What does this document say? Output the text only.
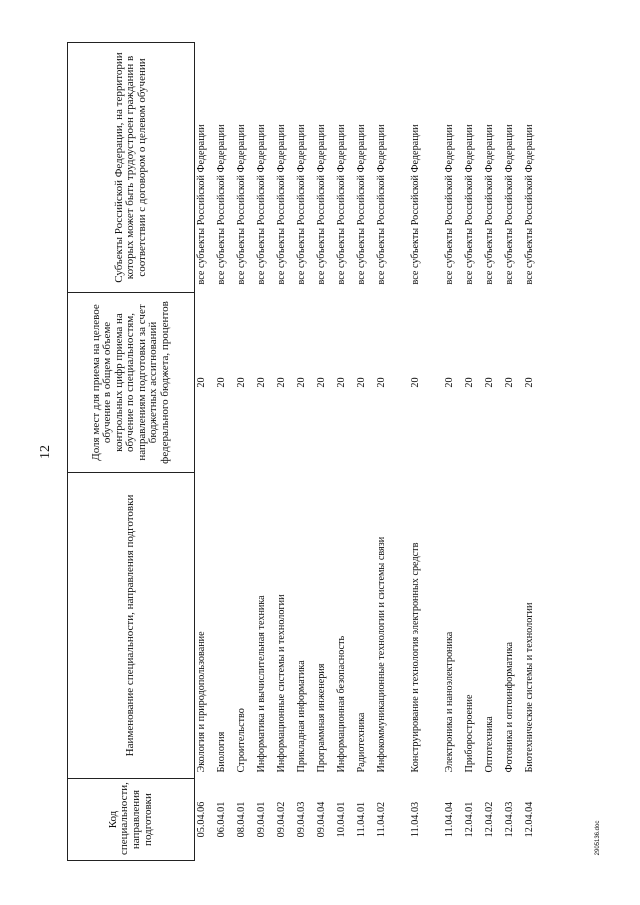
12
2905136.doc
Код специальности, направления подготовки	Наименование специальности, направления подготовки	Доля мест для приема на целевое обучение в общем объеме контрольных цифр приема на обучение по специальностям, направлениям подготовки за счет бюджетных ассигнований федерального бюджета, процентов	Субъекты Российской Федерации, на территории которых может быть трудоустроен гражданин в соответствии с договором о целевом обучении
05.04.06	Экология и природопользование	20	все субъекты Российской Федерации
06.04.01	Биология	20	все субъекты Российской Федерации
08.04.01	Строительство	20	все субъекты Российской Федерации
09.04.01	Информатика и вычислительная техника	20	все субъекты Российской Федерации
09.04.02	Информационные системы и технологии	20	все субъекты Российской Федерации
09.04.03	Прикладная информатика	20	все субъекты Российской Федерации
09.04.04	Программная инженерия	20	все субъекты Российской Федерации
10.04.01	Информационная безопасность	20	все субъекты Российской Федерации
11.04.01	Радиотехника	20	все субъекты Российской Федерации
11.04.02	Инфокоммуникационные технологии и системы связи	20	все субъекты Российской Федерации
11.04.03	Конструирование и технология электронных средств	20	все субъекты Российской Федерации
11.04.04	Электроника и наноэлектроника	20	все субъекты Российской Федерации
12.04.01	Приборостроение	20	все субъекты Российской Федерации
12.04.02	Оптотехника	20	все субъекты Российской Федерации
12.04.03	Фотоника и оптоинформатика	20	все субъекты Российской Федерации
12.04.04	Биотехнические системы и технологии	20	все субъекты Российской Федерации
